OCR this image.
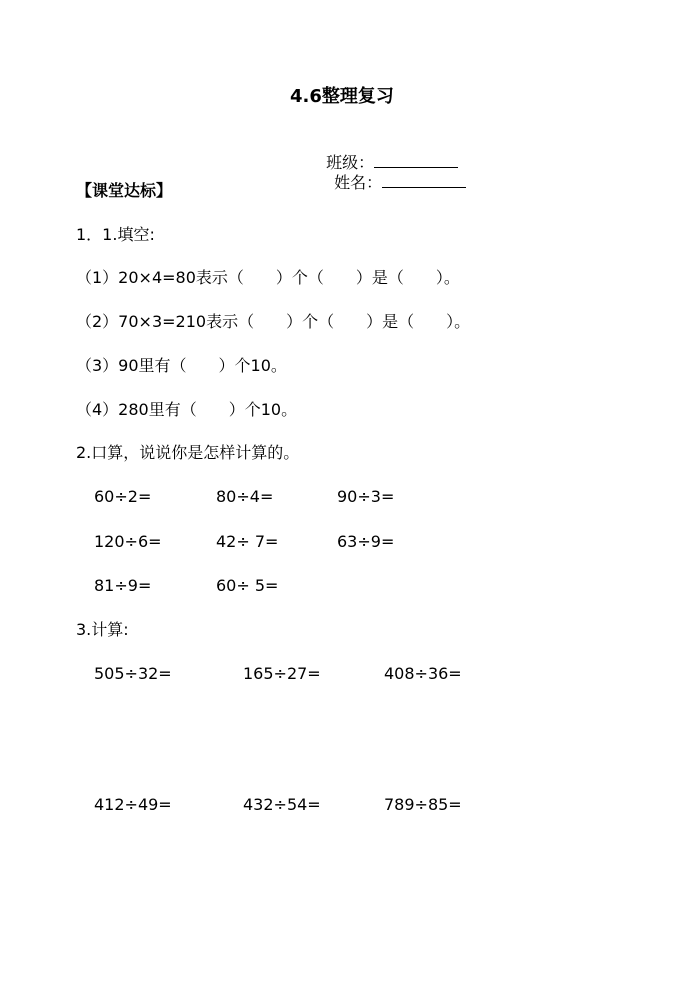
4.6整理复习

班级：
姓名：

【课堂达标】
1．1.填空:
（1）20×4=80表示（　　）个（　　）是（　　）。
（2）70×3=210表示（　　）个（　　）是（　　）。
（3）90里有（　　）个10。
（4）280里有（　　）个10。
2.口算，说说你是怎样计算的。
60÷2=	80÷4=	90÷3=
120÷6=	42÷ 7=	63÷9=
81÷9=	60÷ 5=
3.计算:
505÷32=	165÷27=	408÷36=
412÷49=	432÷54=	789÷85=
